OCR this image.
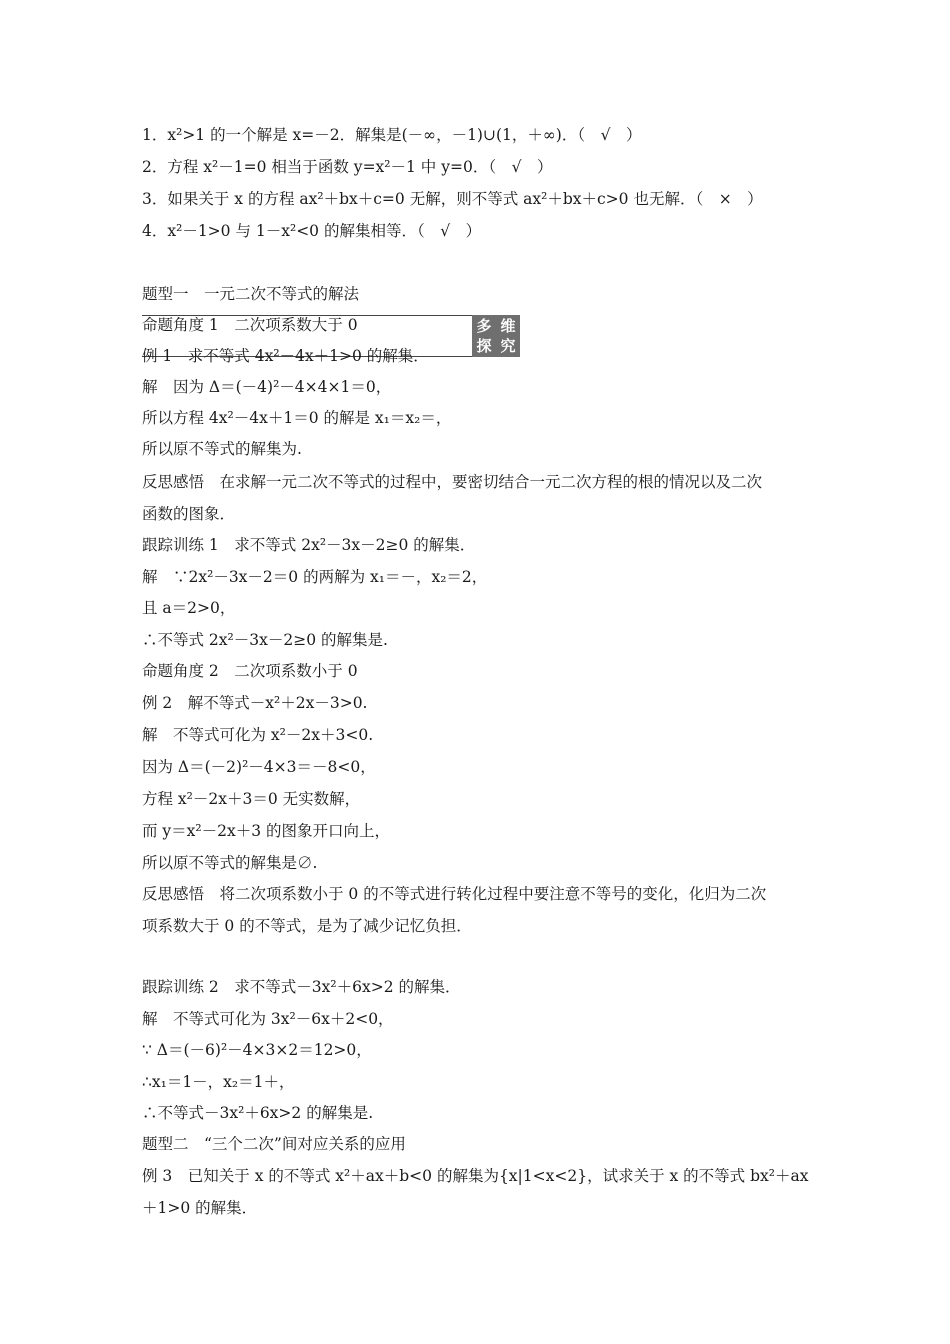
1．x²>1 的一个解是 x=－2．解集是(－∞，－1)∪(1，＋∞)．（　√　）
2．方程 x²－1=0 相当于函数 y=x²－1 中 y=0．（　√　）
3．如果关于 x 的方程 ax²＋bx＋c=0 无解，则不等式 ax²＋bx＋c>0 也无解．（　×　）
4．x²－1>0 与 1－x²<0 的解集相等．（　√　）
题型一　一元二次不等式的解法
命题角度 1　二次项系数大于 0
例 1　求不等式 4x²－4x＋1>0 的解集．
多 维
探 究
解　因为 Δ＝(－4)²－4×4×1＝0，
所以方程 4x²－4x＋1＝0 的解是 x₁＝x₂＝，
所以原不等式的解集为.
反思感悟　在求解一元二次不等式的过程中，要密切结合一元二次方程的根的情况以及二次
函数的图象．
跟踪训练 1　求不等式 2x²－3x－2≥0 的解集．
解　∵2x²－3x－2＝0 的两解为 x₁＝－，x₂＝2，
且 a＝2>0，
∴不等式 2x²－3x－2≥0 的解集是.
命题角度 2　二次项系数小于 0
例 2　解不等式－x²＋2x－3>0.
解　不等式可化为 x²－2x＋3<0.
因为 Δ＝(－2)²－4×3＝－8<0，
方程 x²－2x＋3＝0 无实数解，
而 y＝x²－2x＋3 的图象开口向上，
所以原不等式的解集是∅.
反思感悟　将二次项系数小于 0 的不等式进行转化过程中要注意不等号的变化，化归为二次
项系数大于 0 的不等式，是为了减少记忆负担．
跟踪训练 2　求不等式－3x²＋6x>2 的解集．
解　不等式可化为 3x²－6x＋2<0，
∵ Δ＝(－6)²－4×3×2＝12>0，
∴x₁＝1－，x₂＝1＋，
∴不等式－3x²＋6x>2 的解集是.
题型二　“三个二次”间对应关系的应用
例 3　已知关于 x 的不等式 x²＋ax＋b<0 的解集为{x|1<x<2}，试求关于 x 的不等式 bx²＋ax
＋1>0 的解集．
